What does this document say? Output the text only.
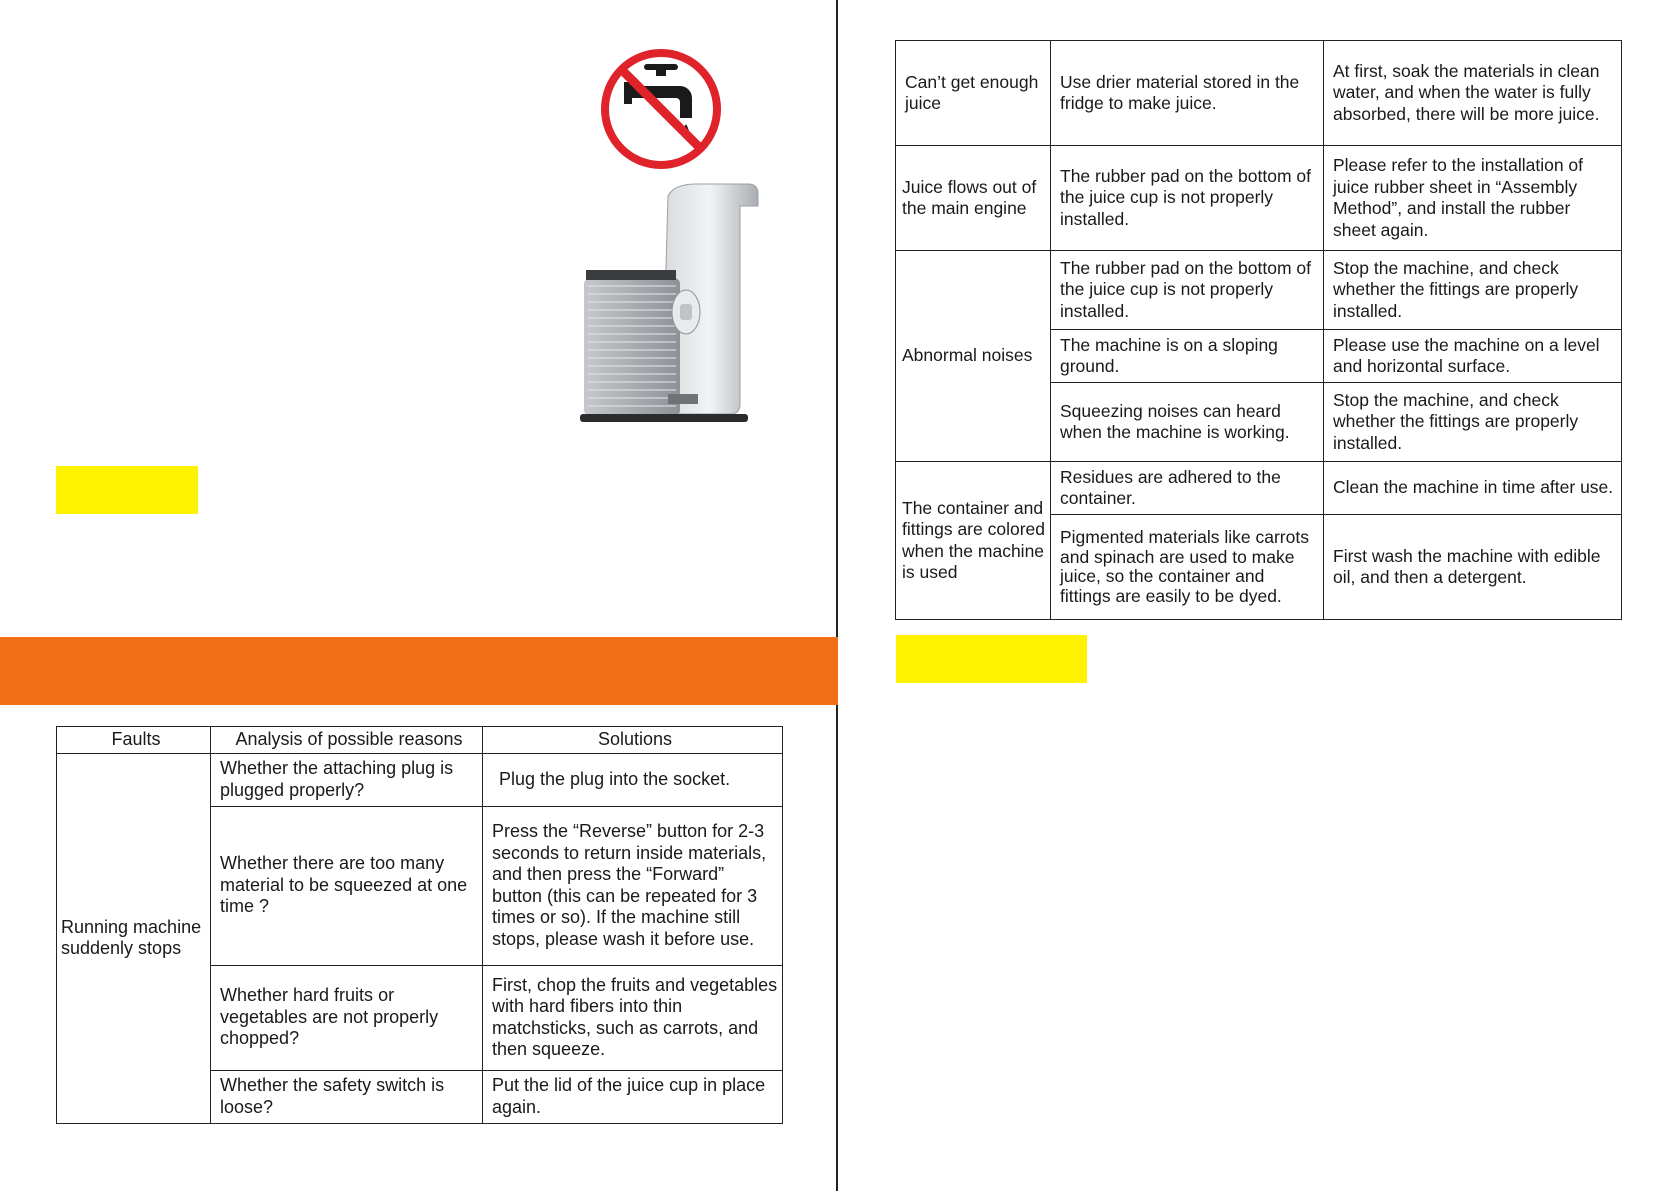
Faults	Analysis of possible reasons	Solutions
Running machine suddenly stops	Whether the attaching plug is plugged properly?	Plug the plug into the socket.
	Whether there are too many material to be squeezed at one time ?	Press the “Reverse” button for 2-3 seconds to return inside materials, and then press the “Forward” button (this can be repeated for 3 times or so). If the machine still stops, please wash it before use.
	Whether hard fruits or vegetables are not properly chopped?	First, chop the fruits and vegetables with hard fibers into thin matchsticks, such as carrots, and then squeeze.
	Whether the safety switch is loose?	Put the lid of the juice cup in place again.
Can’t get enough juice	Use drier material stored in the fridge to make juice.	At first, soak the materials in clean water, and when the water is fully absorbed, there will be more juice.
Juice flows out of the main engine	The rubber pad on the bottom of the juice cup is not properly installed.	Please refer to the installation of juice rubber sheet in “Assembly Method”, and install the rubber sheet again.
Abnormal noises	The rubber pad on the bottom of the juice cup is not properly installed.	Stop the machine, and check whether the fittings are properly installed.
	The machine is on a sloping ground.	Please use the machine on a level and horizontal surface.
	Squeezing noises can heard when the machine is working.	Stop the machine, and check whether the fittings are properly installed.
The container and fittings are colored when the machine is used	Residues are adhered to the container.	Clean the machine in time after use.
	Pigmented materials like carrots and spinach are used to make juice, so the container and fittings are easily to be dyed.	First wash the machine with edible oil, and then a detergent.
